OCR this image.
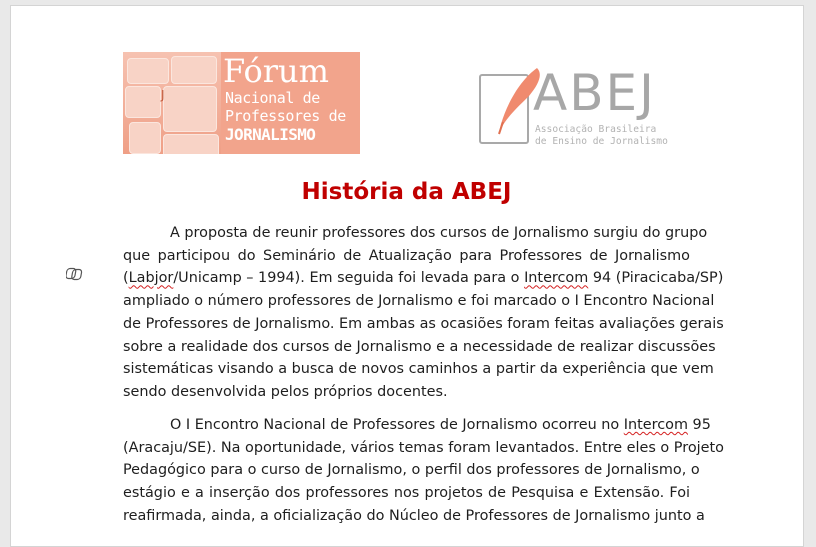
J
Fórum
Nacional de
Professores de
JORNALISMO
ABEJ
Associação Brasileira
de Ensino de Jornalismo
História da ABEJ
A proposta de reunir professores dos cursos de Jornalismo surgiu do grupo
que participou do Seminário de Atualização para Professores de Jornalismo
(Labjor/Unicamp – 1994). Em seguida foi levada para o Intercom 94 (Piracicaba/SP)
ampliado o número professores de Jornalismo e foi marcado o I Encontro Nacional
de Professores de Jornalismo. Em ambas as ocasiões foram feitas avaliações gerais
sobre a realidade dos cursos de Jornalismo e a necessidade de realizar discussões
sistemáticas visando a busca de novos caminhos a partir da experiência que vem
sendo desenvolvida pelos próprios docentes.
O I Encontro Nacional de Professores de Jornalismo ocorreu no Intercom 95
(Aracaju/SE). Na oportunidade, vários temas foram levantados. Entre eles o Projeto
Pedagógico para o curso de Jornalismo, o perfil dos professores de Jornalismo, o
estágio e a inserção dos professores nos projetos de Pesquisa e Extensão. Foi
reafirmada, ainda, a oficialização do Núcleo de Professores de Jornalismo junto a
